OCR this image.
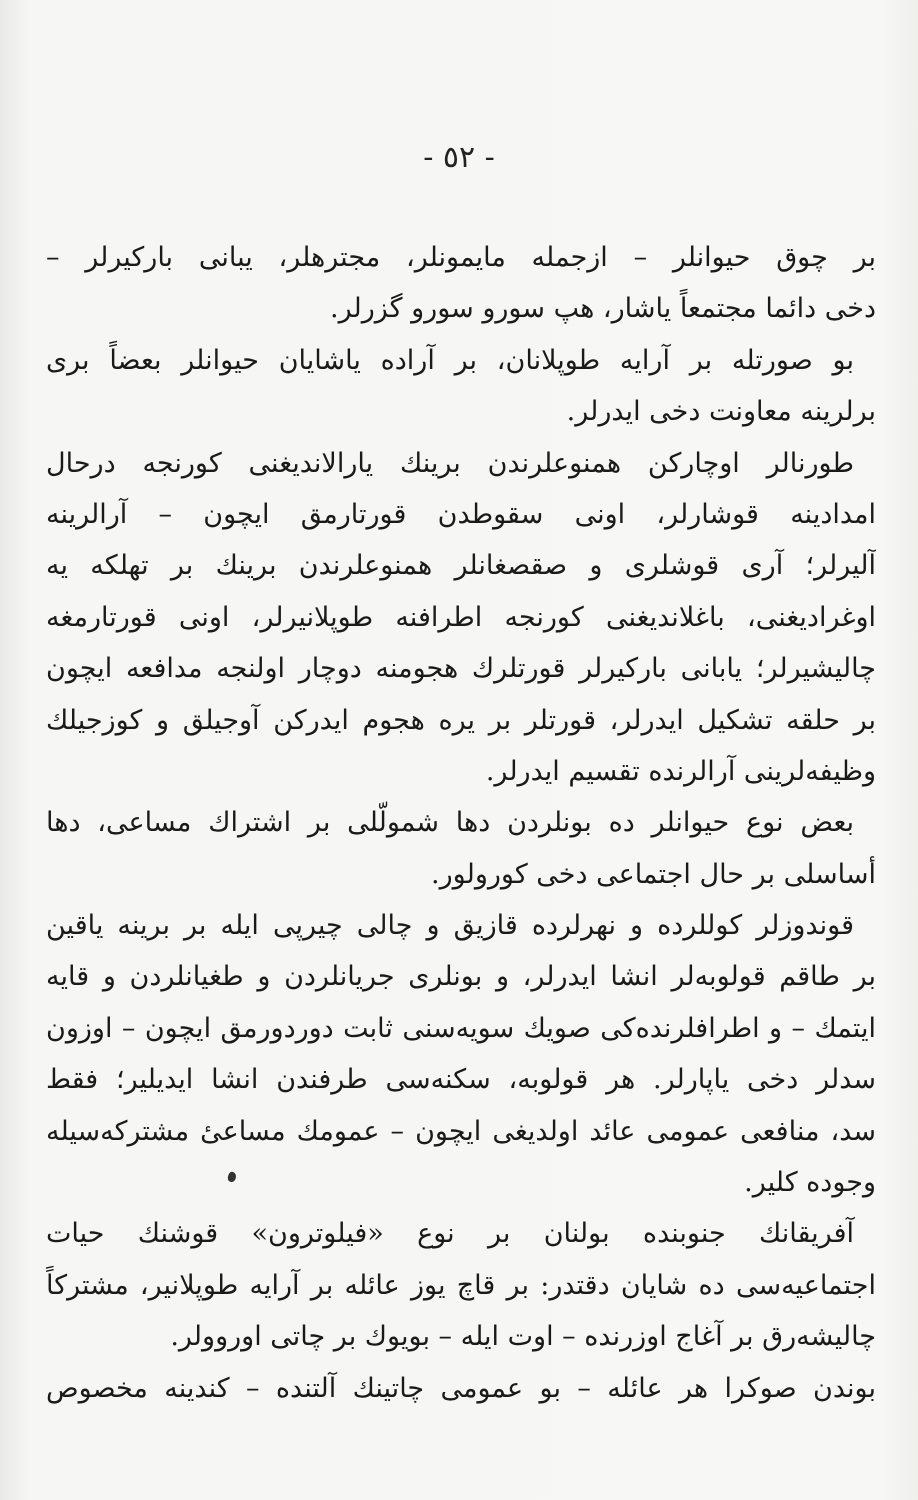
- ٥٢ -
بر چوق حیوانلر – ازجمله مایمونلر، مجترهلر، يبانی بارکیرلر –
دخی دائما مجتمعاً یاشار، هپ سورو سورو گزرلر.
بو صورتله بر آرایه طوپلانان، بر آراده یاشایان حیوانلر بعضاً بری
برلرینه معاونت دخی ایدرلر.
طورنالر اوچارکن همنوعلرندن برینك یارالاندیغنی کورنجه درحال
امدادینه قوشارلر، اونی سقوطدن قورتارمق ایچون – آرالرینه
آلیرلر؛ آری قوشلری و صقصغانلر همنوعلرندن برینك بر تهلکه یه
اوغرادیغنی، باغلاندیغنی کورنجه اطرافنه طوپلانیرلر، اونی قورتارمغه
چالیشیرلر؛ یابانی بارکیرلر قورتلرك هجومنه دوچار اولنجه مدافعه ایچون
بر حلقه تشکیل ایدرلر، قورتلر بر یره هجوم ایدرکن آوجیلق و کوزجیلك
وظیفه‌لرینی آرالرنده تقسیم ایدرلر.
بعض نوع حیوانلر ده بونلردن دها شمولّلی بر اشتراك مساعی، دها
أساسلی بر حال اجتماعی دخی کورولور.
قوندوزلر کوللرده و نهرلرده قازیق و چالی چیرپی ایله بر برینه یاقین
بر طاقم قولوبه‌لر انشا ایدرلر، و بونلری جریانلردن و طغیانلردن و قایه
ایتمك – و اطرافلرنده‌کی صویك سویه‌سنی ثابت دوردورمق ایچون – اوزون
سدلر دخی یاپارلر. هر قولوبه، سکنه‌سی طرفندن انشا ایدیلیر؛ فقط
سد، منافعی عمومی عائد اولدیغی ایچون – عمومك مساعیٔ مشترکه‌سیله
وجوده کلیر.
آفریقانك جنوبنده بولنان بر نوع «فیلوترون» قوشنك حیات
اجتماعیه‌سی ده شایان دقتدر: بر قاچ یوز عائله بر آرایه طوپلانیر، مشترکاً
چالیشه‌رق بر آغاج اوزرنده – اوت ایله – بویوك بر چاتی اوروولر.
بوندن صوکرا هر عائله – بو عمومی چاتینك آلتنده – کندینه مخصوص
